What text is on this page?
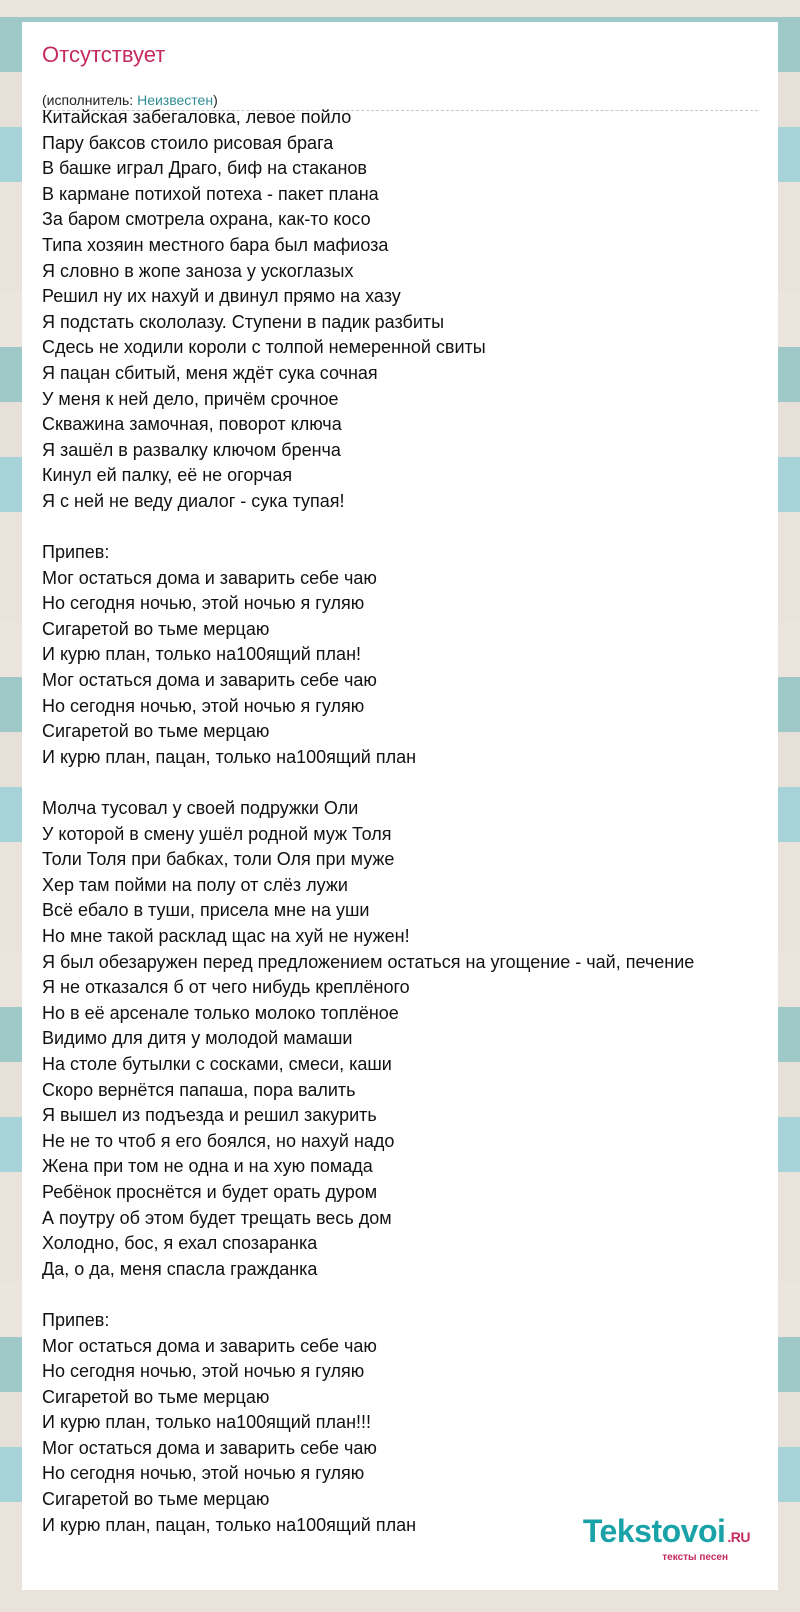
Отсутствует
(исполнитель: Неизвестен)
Китайская забегаловка, левое пойло
Пару баксов стоило рисовая брага
В башке играл Драго, биф на стаканов
В кармане потихой потеха - пакет плана
За баром смотрела охрана, как-то косо
Типа хозяин местного бара был мафиоза
Я словно в жопе заноза у ускоглазых
Решил ну их нахуй и двинул прямо на хазу
Я подстать скололазу. Ступени в падик разбиты
Сдесь не ходили короли с толпой немеренной свиты
Я пацан сбитый, меня ждёт сука сочная
У меня к ней дело, причём срочное
Скважина замочная, поворот ключа
Я зашёл в развалку ключом бренча
Кинул ей палку, её не огорчая
Я с ней не веду диалог - сука тупая!
Припев:
Мог остаться дома и заварить себе чаю
Но сегодня ночью, этой ночью я гуляю
Сигаретой во тьме мерцаю
И курю план, только на100ящий план!
Мог остаться дома и заварить себе чаю
Но сегодня ночью, этой ночью я гуляю
Сигаретой во тьме мерцаю
И курю план, пацан, только на100ящий план
Молча тусовал у своей подружки Оли
У которой в смену ушёл родной муж Толя
Толи Толя при бабках, толи Оля при муже
Хер там пойми на полу от слёз лужи
Всё ебало в туши, присела мне на уши
Но мне такой расклад щас на хуй не нужен!
Я был обезаружен перед предложением остаться на угощение - чай, печение
Я не отказался б от чего нибудь креплёного
Но в её арсенале только молоко топлёное
Видимо для дитя у молодой мамаши
На столе бутылки с сосками, смеси, каши
Скоро вернётся папаша, пора валить
Я вышел из подъезда и решил закурить
Не не то чтоб я его боялся, но нахуй надо
Жена при том не одна и на хую помада
Ребёнок проснётся и будет орать дуром
А поутру об этом будет трещать весь дом
Холодно, бос, я ехал спозаранка
Да, о да, меня спасла гражданка
Припев:
Мог остаться дома и заварить себе чаю
Но сегодня ночью, этой ночью я гуляю
Сигаретой во тьме мерцаю
И курю план, только на100ящий план!!!
Мог остаться дома и заварить себе чаю
Но сегодня ночью, этой ночью я гуляю
Сигаретой во тьме мерцаю
И курю план, пацан, только на100ящий план	Tekstovoi .RU
тексты песен
